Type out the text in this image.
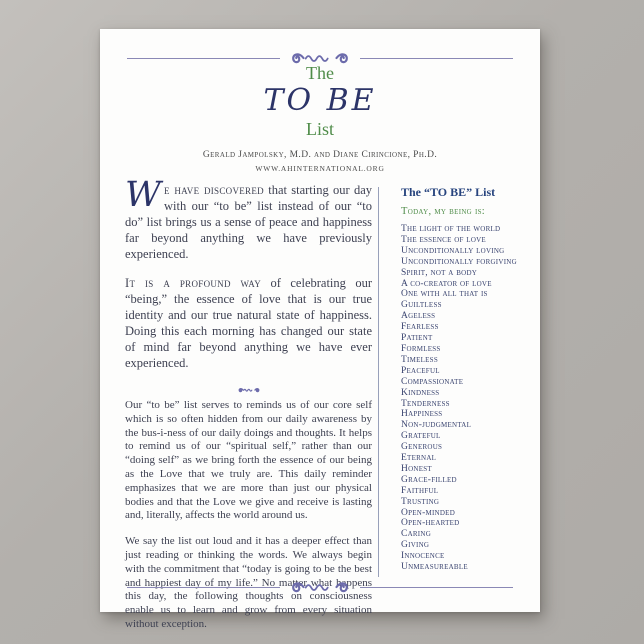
The
TO BE
List
Gerald Jampolsky, M.D. and Diane Cirincione, Ph.D.
WWW.AHINTERNATIONAL.ORG

We have discovered that starting our day with our “to be” list instead of our “to do” list brings us a sense of peace and happiness far beyond anything we have previously experienced.

It is a profound way of celebrating our “being,” the essence of love that is our true identity and our true natural state of happiness. Doing this each morning has changed our state of mind far beyond anything we have ever experienced.

Our “to be” list serves to reminds us of our core self which is so often hidden from our daily awareness by the bus-i-ness of our daily doings and thoughts. It helps to remind us of our “spiritual self,” rather than our “doing self” as we bring forth the essence of our being as the Love that we truly are. This daily reminder emphasizes that we are more than just our physical bodies and that the Love we give and receive is lasting and, literally, affects the world around us.

We say the list out loud and it has a deeper effect than just reading or thinking the words. We always begin with the commitment that “today is going to be the best and happiest day of my life.” No matter what happens this day, the following thoughts on consciousness enable us to learn and grow from every situation without exception.

The “TO BE” List
Today, my being is:
The light of the world
The essence of love
Unconditionally loving
Unconditionally forgiving
Spirit, not a body
A co-creator of love
One with all that is
Guiltless
Ageless
Fearless
Patient
Formless
Timeless
Peaceful
Compassionate
Kindness
Tenderness
Happiness
Non-judgmental
Grateful
Generous
Eternal
Honest
Grace-filled
Faithful
Trusting
Open-minded
Open-hearted
Caring
Giving
Innocence
Unmeasureable
